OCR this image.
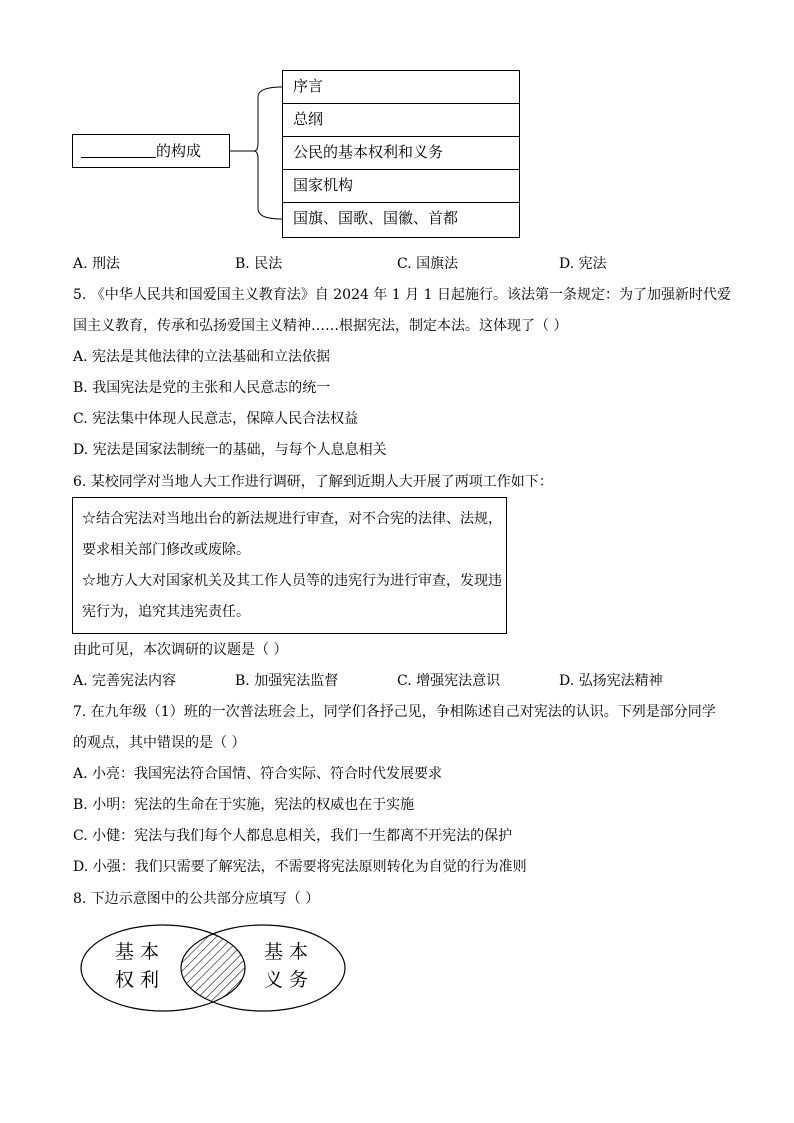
的构成
序言
总纲
公民的基本权利和义务
国家机构
国旗、国歌、国徽、首都
A. 刑法	B. 民法	C. 国旗法	D. 宪法
5. 《中华人民共和国爱国主义教育法》自 2024 年 1 月 1 日起施行。该法第一条规定：为了加强新时代爱
国主义教育，传承和弘扬爱国主义精神……根据宪法，制定本法。这体现了（ ）
A. 宪法是其他法律的立法基础和立法依据
B. 我国宪法是党的主张和人民意志的统一
C. 宪法集中体现人民意志，保障人民合法权益
D. 宪法是国家法制统一的基础，与每个人息息相关
6. 某校同学对当地人大工作进行调研，了解到近期人大开展了两项工作如下：
☆结合宪法对当地出台的新法规进行审查，对不合宪的法律、法规，
要求相关部门修改或废除。
☆地方人大对国家机关及其工作人员等的违宪行为进行审查，发现违
宪行为，追究其违宪责任。
由此可见，本次调研的议题是（ ）
A. 完善宪法内容	B. 加强宪法监督	C. 增强宪法意识	D. 弘扬宪法精神
7. 在九年级（1）班的一次普法班会上，同学们各抒己见，争相陈述自己对宪法的认识。下列是部分同学
的观点，其中错误的是（ ）
A. 小亮：我国宪法符合国情、符合实际、符合时代发展要求
B. 小明：宪法的生命在于实施，宪法的权威也在于实施
C. 小健：宪法与我们每个人都息息相关，我们一生都离不开宪法的保护
D. 小强：我们只需要了解宪法，不需要将宪法原则转化为自觉的行为准则
8. 下边示意图中的公共部分应填写（ ）
基本
权利
基本
义务
